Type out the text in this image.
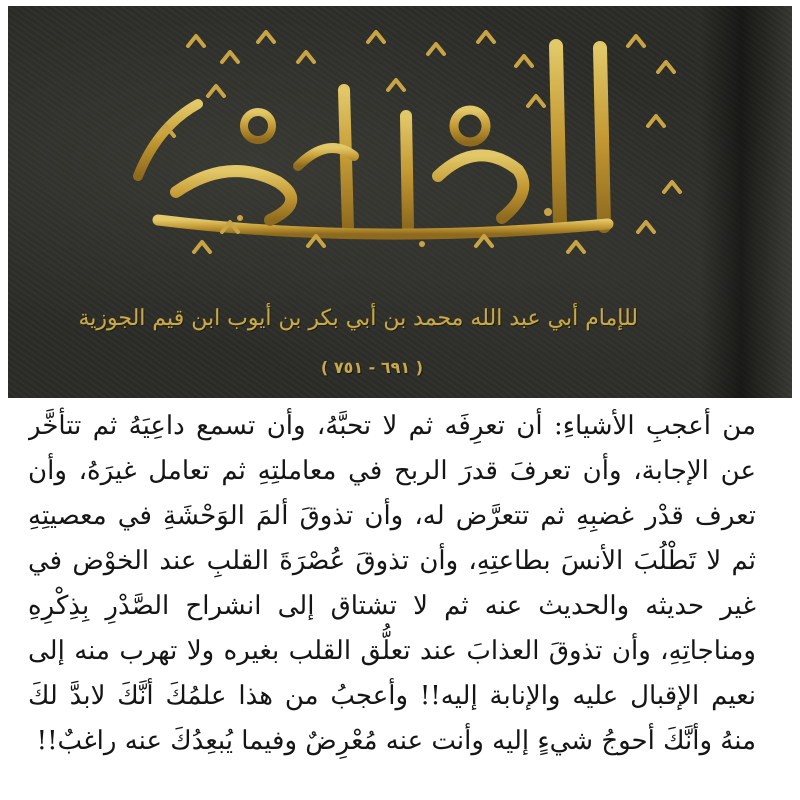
للإمام أبي عبد الله محمد بن أبي بكر بن أيوب ابن قيم الجوزية
( ٦٩١ - ٧٥١ )

من أعجبِ الأشياءِ: أن تعرِفَه ثم لا تحبَّهُ، وأن تسمع داعِيَهُ ثم تتأخَّر عن الإجابة، وأن تعرفَ قدرَ الربح في معاملتِهِ ثم تعامل غيرَهُ، وأن تعرف قدْر غضبِهِ ثم تتعرَّض له، وأن تذوقَ ألمَ الوَحْشَةِ في معصيتِهِ ثم لا تَطْلُبَ الأنسَ بطاعتِهِ، وأن تذوقَ عُصْرَةَ القلبِ عند الخوْض في غير حديثه والحديث عنه ثم لا تشتاق إلى انشراح الصَّدْرِ بِذِكْرِهِ ومناجاتِهِ، وأن تذوقَ العذابَ عند تعلُّق القلب بغيره ولا تهرب منه إلى نعيم الإقبال عليه والإنابة إليه!! وأعجبُ من هذا علمُكَ أنَّكَ لابدَّ لكَ منهُ وأنَّكَ أحوجُ شيءٍ إليه وأنت عنه مُعْرِضٌ وفيما يُبعِدُكَ عنه راغبٌ!!
